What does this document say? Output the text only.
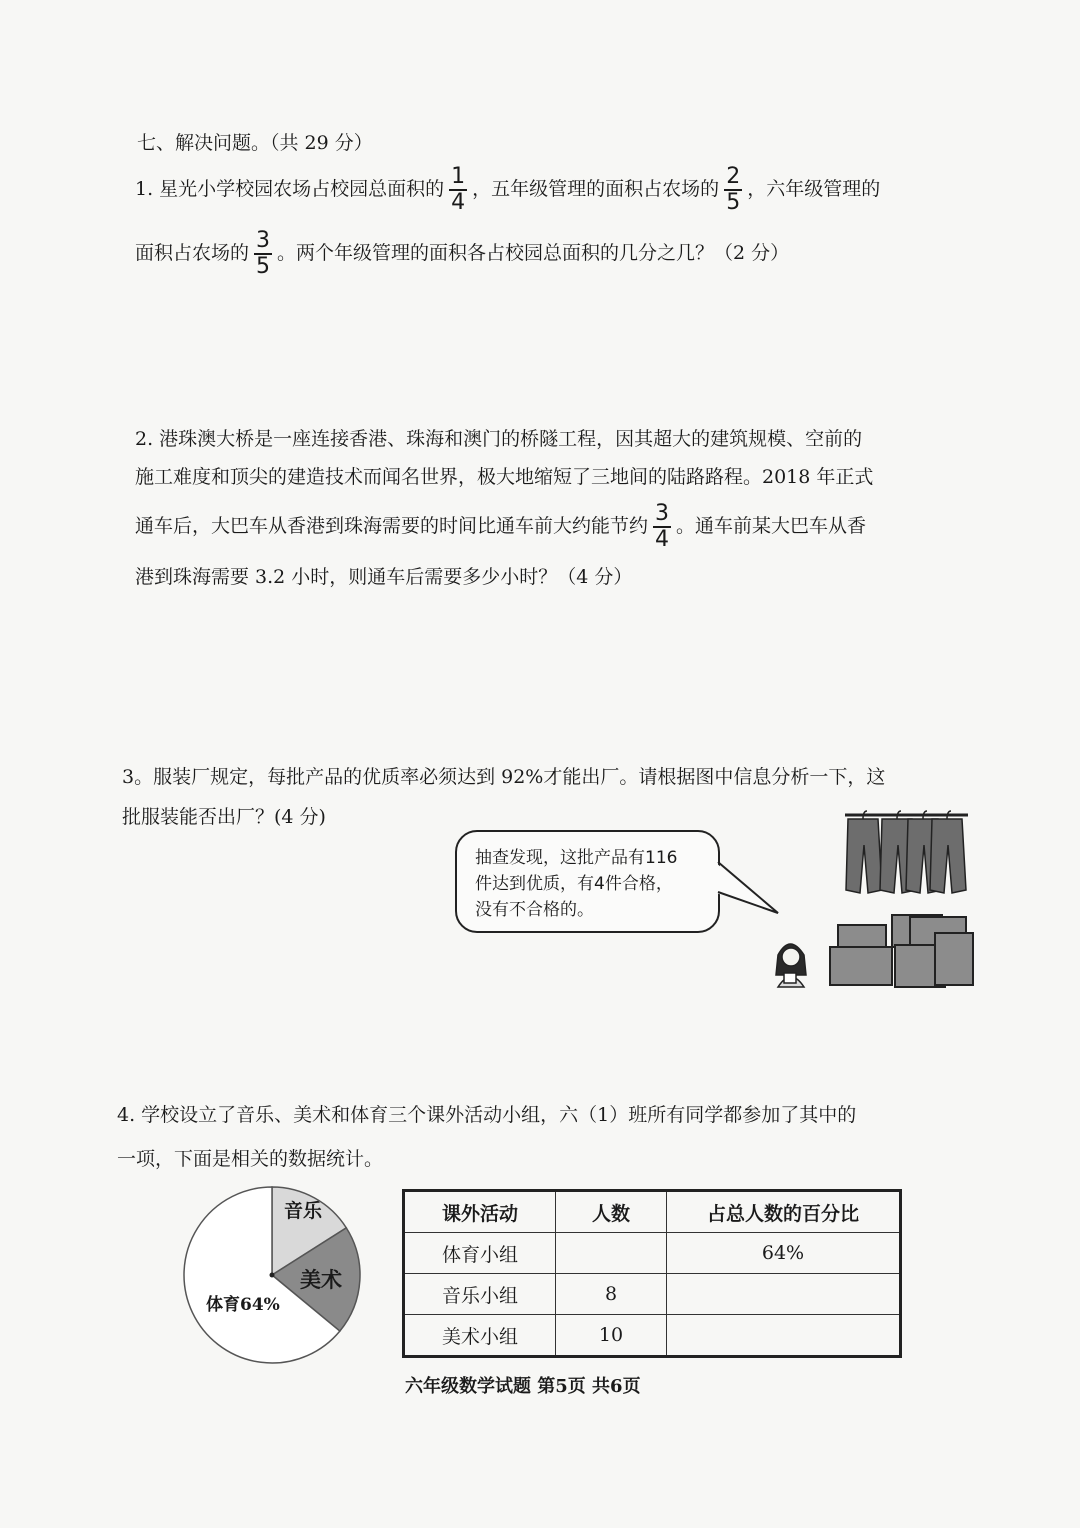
七、解决问题。（共 29 分）
1. 星光小学校园农场占校园总面积的 $\frac{1}{4}$ ，五年级管理的面积占农场的 $\frac{2}{5}$ ，六年级管理的
面积占农场的 $\frac{3}{5}$ 。两个年级管理的面积各占校园总面积的几分之几？（2 分）
2. 港珠澳大桥是一座连接香港、珠海和澳门的桥隧工程，因其超大的建筑规模、空前的
施工难度和顶尖的建造技术而闻名世界，极大地缩短了三地间的陆路路程。2018 年正式
通车后，大巴车从香港到珠海需要的时间比通车前大约能节约 $\frac{3}{4}$ 。通车前某大巴车从香
港到珠海需要 3.2 小时，则通车后需要多少小时？（4 分）
3。服装厂规定，每批产品的优质率必须达到 92%才能出厂。请根据图中信息分析一下，这
批服装能否出厂？(4 分)
抽查发现，这批产品有116
件达到优质，有4件合格，
没有不合格的。
4. 学校设立了音乐、美术和体育三个课外活动小组，六（1）班所有同学都参加了其中的
一项，下面是相关的数据统计。
音乐
美术
体育64%
课外活动	人数	占总人数的百分比
体育小组		64%
音乐小组	8	
美术小组	10	
六年级数学试题 第5页 共6页
